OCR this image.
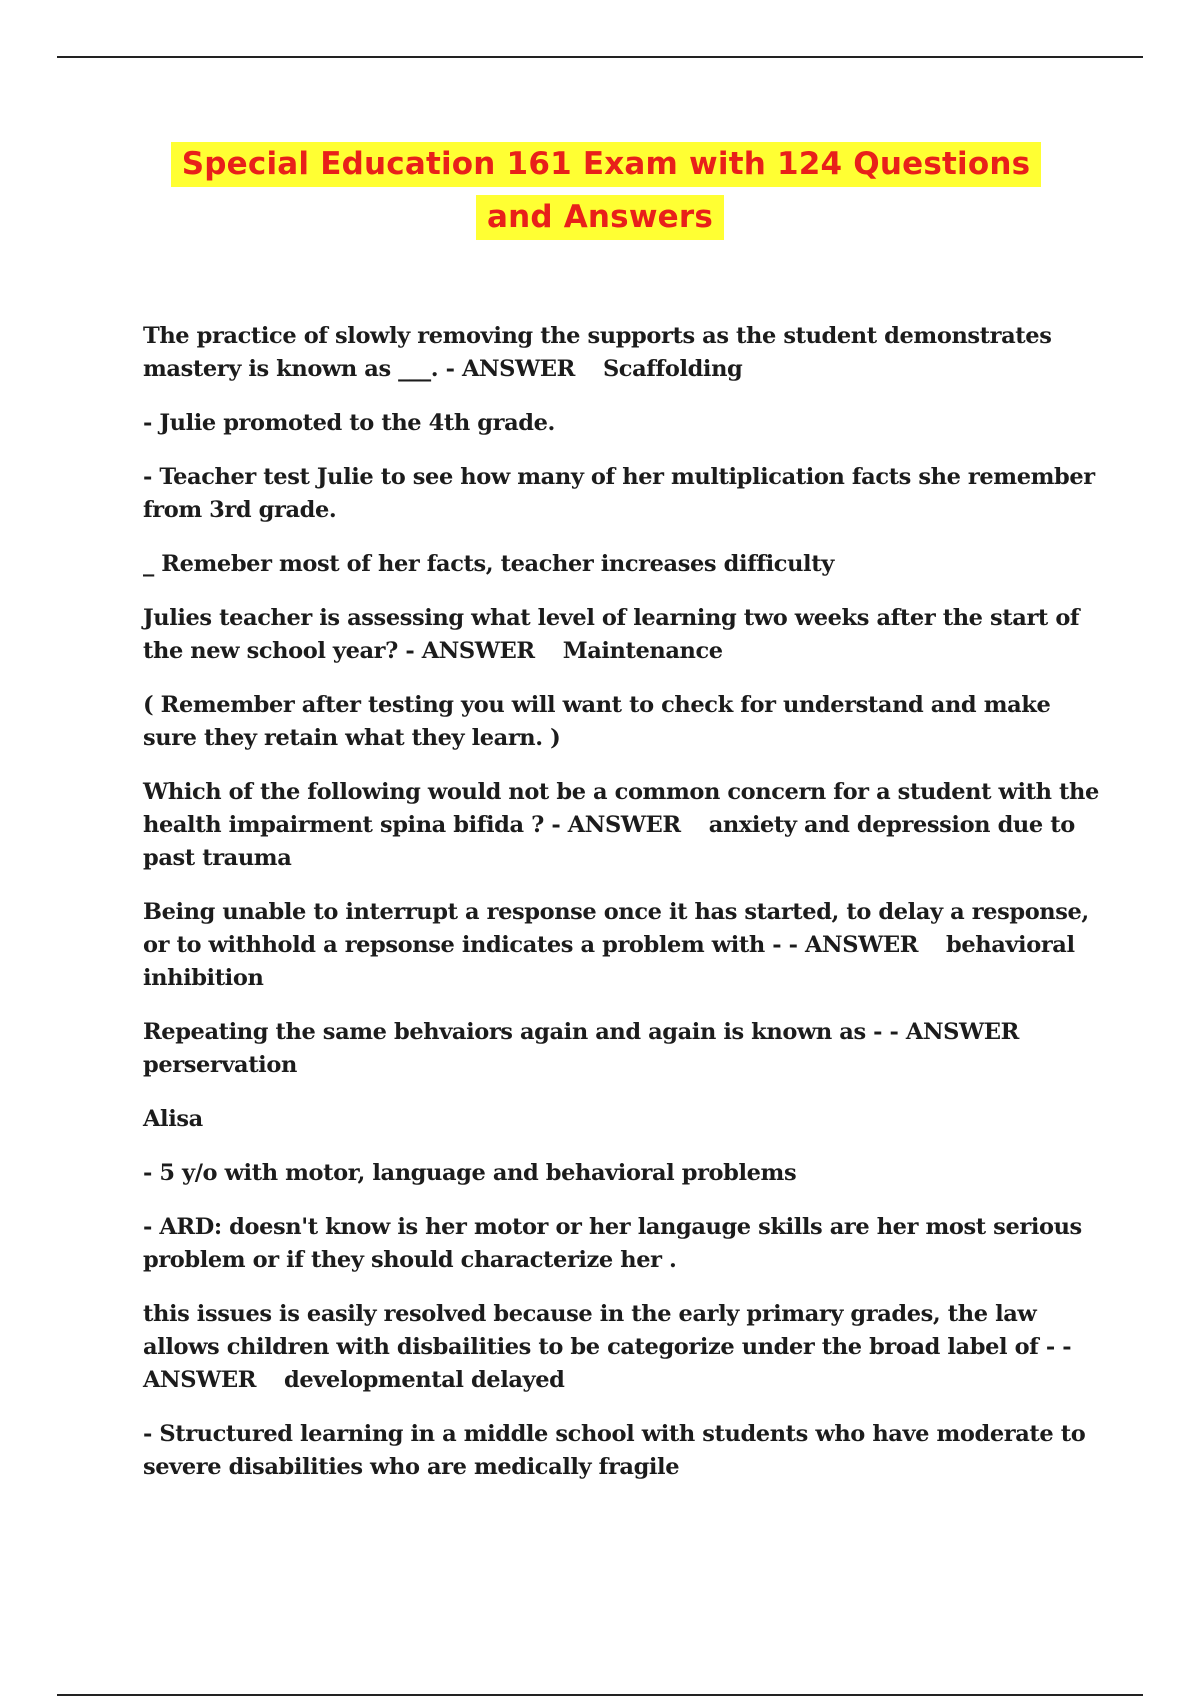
Special Education 161 Exam with 124 Questions
and Answers

The practice of slowly removing the supports as the student demonstrates mastery is known as ___. - ANSWER Scaffolding

- Julie promoted to the 4th grade.

- Teacher test Julie to see how many of her multiplication facts she remember from 3rd grade.

_ Remeber most of her facts, teacher increases difficulty

Julies teacher is assessing what level of learning two weeks after the start of the new school year? - ANSWER Maintenance

( Remember after testing you will want to check for understand and make sure they retain what they learn. )

Which of the following would not be a common concern for a student with the health impairment spina bifida ? - ANSWER anxiety and depression due to past trauma

Being unable to interrupt a response once it has started, to delay a response, or to withhold a repsonse indicates a problem with - - ANSWER behavioral inhibition

Repeating the same behvaiors again and again is known as - - ANSWERperservation

Alisa

- 5 y/o with motor, language and behavioral problems

- ARD: doesn't know is her motor or her langauge skills are her most serious problem or if they should characterize her .

this issues is easily resolved because in the early primary grades, the law allows children with disbailities to be categorize under the broad label of - - ANSWER developmental delayed

- Structured learning in a middle school with students who have moderate to severe disabilities who are medically fragile
